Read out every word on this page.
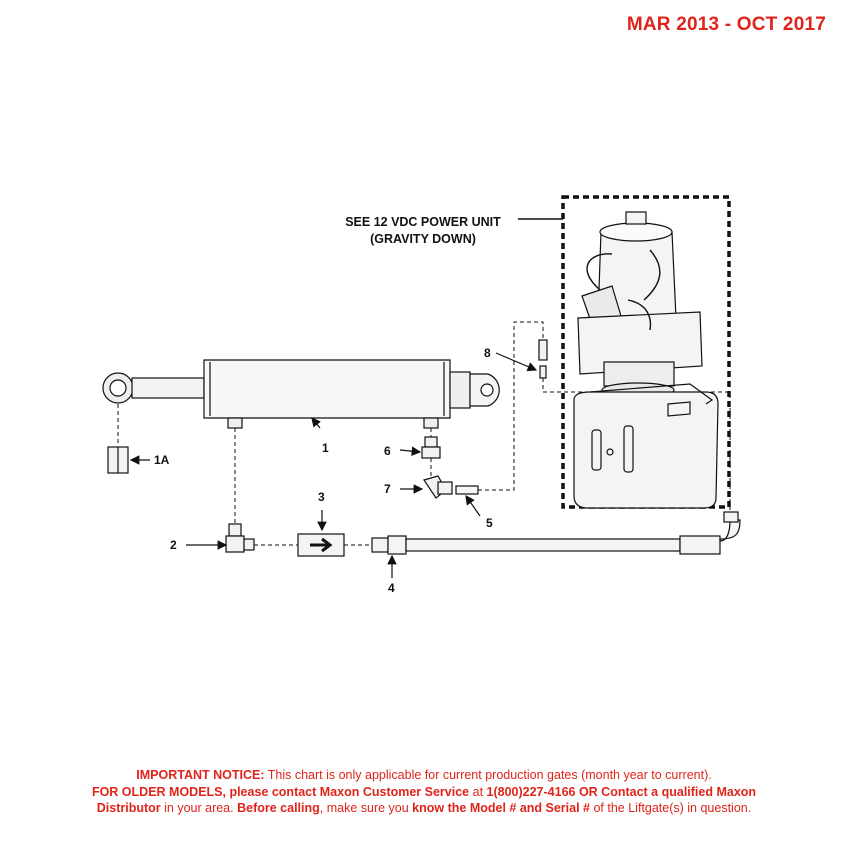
MAR 2013 - OCT 2017
1
1A
2
3
4
5
6
7
8
SEE 12 VDC POWER UNIT
(GRAVITY DOWN)
IMPORTANT NOTICE: This chart is only applicable for current production gates (month year to current).
FOR OLDER MODELS, please contact Maxon Customer Service at 1(800)227-4166 OR Contact a qualified Maxon
Distributor in your area. Before calling, make sure you know the Model # and Serial # of the Liftgate(s) in question.
